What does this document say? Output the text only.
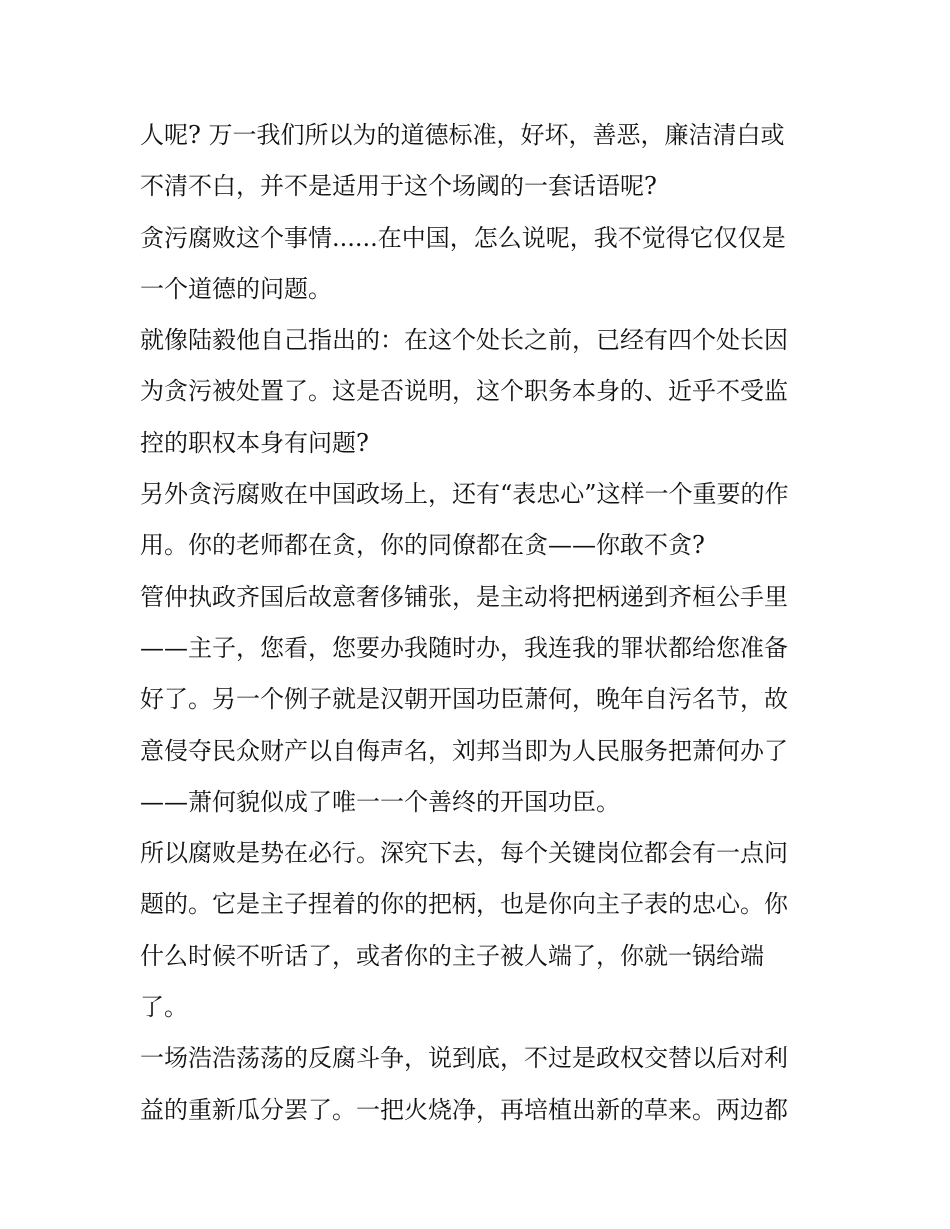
人呢? 万一我们所以为的道德标准，好坏，善恶，廉洁清白或
不清不白，并不是适用于这个场阈的一套话语呢?
贪污腐败这个事情......在中国，怎么说呢，我不觉得它仅仅是
一个道德的问题。
就像陆毅他自己指出的：在这个处长之前，已经有四个处长因
为贪污被处置了。这是否说明，这个职务本身的、近乎不受监
控的职权本身有问题?
另外贪污腐败在中国政场上，还有“表忠心”这样一个重要的作
用。你的老师都在贪，你的同僚都在贪——你敢不贪?
管仲执政齐国后故意奢侈铺张，是主动将把柄递到齐桓公手里
——主子，您看，您要办我随时办，我连我的罪状都给您准备
好了。另一个例子就是汉朝开国功臣萧何，晚年自污名节，故
意侵夺民众财产以自侮声名，刘邦当即为人民服务把萧何办了
——萧何貌似成了唯一一个善终的开国功臣。
所以腐败是势在必行。深究下去，每个关键岗位都会有一点问
题的。它是主子捏着的你的把柄，也是你向主子表的忠心。你
什么时候不听话了，或者你的主子被人端了，你就一锅给端
了。
一场浩浩荡荡的反腐斗争，说到底，不过是政权交替以后对利
益的重新瓜分罢了。一把火烧净，再培植出新的草来。两边都
